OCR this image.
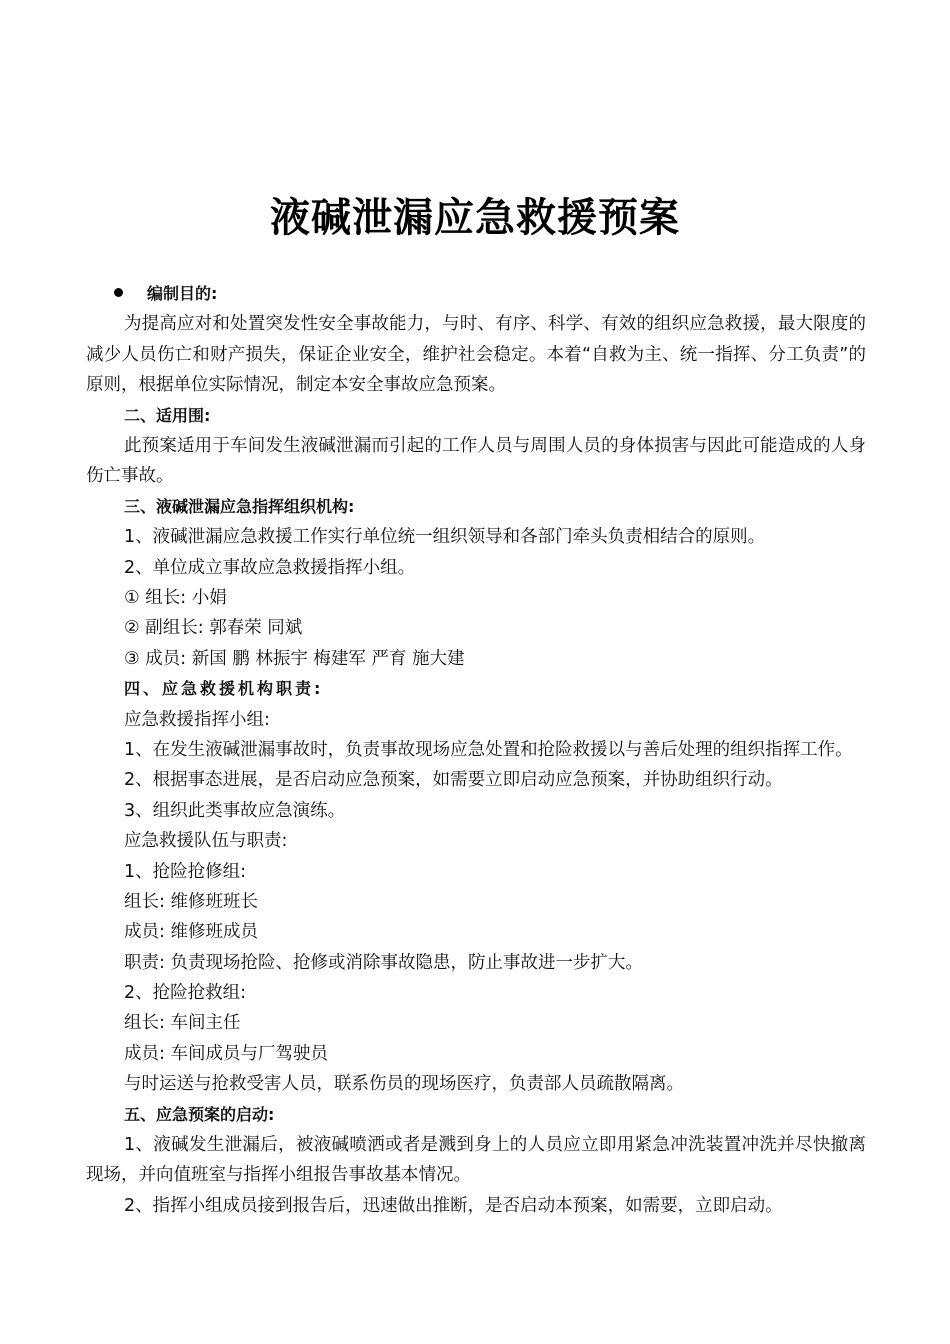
液碱泄漏应急救援预案
编制目的:
为提高应对和处置突发性安全事故能力，与时、有序、科学、有效的组织应急救援，最大限度的减少人员伤亡和财产损失，保证企业安全，维护社会稳定。本着“自救为主、统一指挥、分工负责”的原则，根据单位实际情况，制定本安全事故应急预案。
二、适用围:
此预案适用于车间发生液碱泄漏而引起的工作人员与周围人员的身体损害与因此可能造成的人身伤亡事故。
三、液碱泄漏应急指挥组织机构:
1、液碱泄漏应急救援工作实行单位统一组织领导和各部门牵头负责相结合的原则。
2、单位成立事故应急救援指挥小组。
① 组长: 小娟
② 副组长: 郭春荣 同斌
③ 成员: 新国 鹏 林振宇 梅建军 严育 施大建
四、应急救援机构职责:
应急救援指挥小组:
1、在发生液碱泄漏事故时，负责事故现场应急处置和抢险救援以与善后处理的组织指挥工作。
2、根据事态进展，是否启动应急预案，如需要立即启动应急预案，并协助组织行动。
3、组织此类事故应急演练。
应急救援队伍与职责:
1、抢险抢修组:
组长: 维修班班长
成员: 维修班成员
职责: 负责现场抢险、抢修或消除事故隐患，防止事故进一步扩大。
2、抢险抢救组:
组长: 车间主任
成员: 车间成员与厂驾驶员
与时运送与抢救受害人员，联系伤员的现场医疗，负责部人员疏散隔离。
五、应急预案的启动:
1、液碱发生泄漏后，被液碱喷洒或者是溅到身上的人员应立即用紧急冲洗装置冲洗并尽快撤离现场，并向值班室与指挥小组报告事故基本情况。
2、指挥小组成员接到报告后，迅速做出推断，是否启动本预案，如需要，立即启动。
